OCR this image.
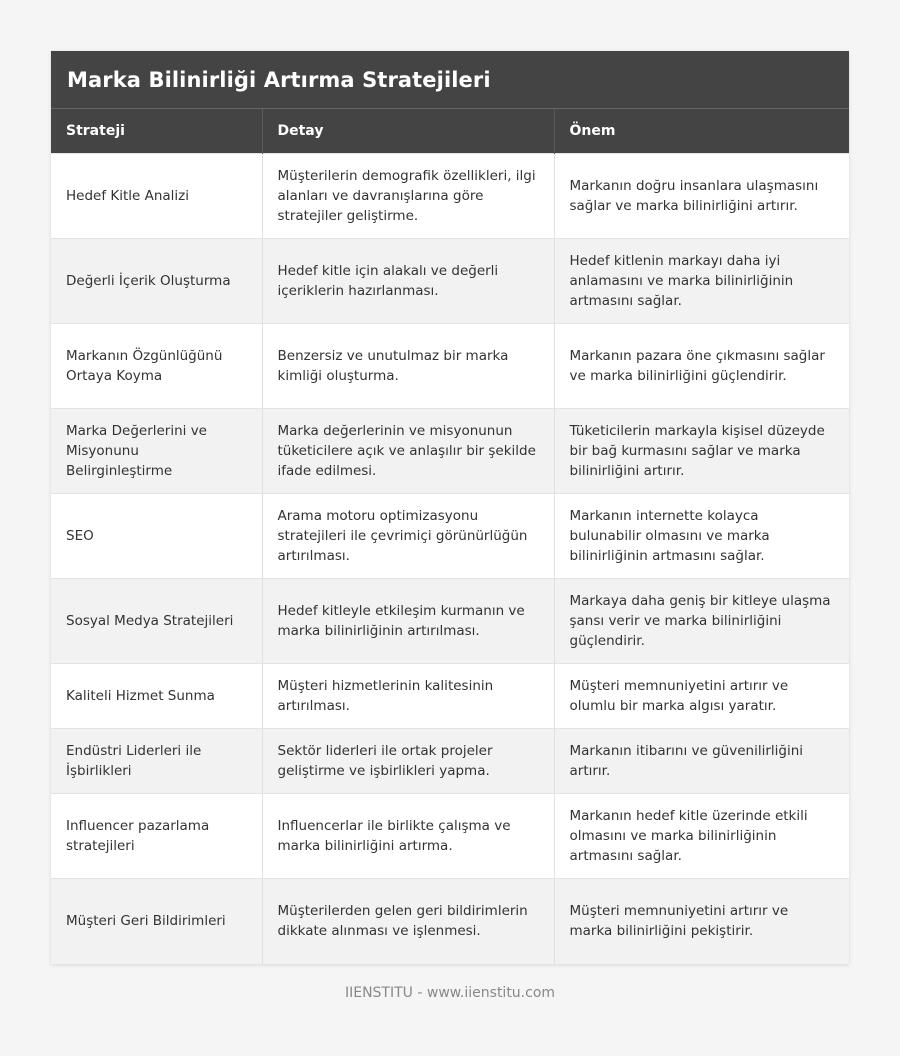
Marka Bilinirliği Artırma Stratejileri
Strateji	Detay	Önem
Hedef Kitle Analizi	Müşterilerin demografik özellikleri, ilgi alanları ve davranışlarına göre stratejiler geliştirme.	Markanın doğru insanlara ulaşmasını sağlar ve marka bilinirliğini artırır.
Değerli İçerik Oluşturma	Hedef kitle için alakalı ve değerli içeriklerin hazırlanması.	Hedef kitlenin markayı daha iyi anlamasını ve marka bilinirliğinin artmasını sağlar.
Markanın Özgünlüğünü Ortaya Koyma	Benzersiz ve unutulmaz bir marka kimliği oluşturma.	Markanın pazara öne çıkmasını sağlar ve marka bilinirliğini güçlendirir.
Marka Değerlerini ve Misyonunu Belirginleştirme	Marka değerlerinin ve misyonunun tüketicilere açık ve anlaşılır bir şekilde ifade edilmesi.	Tüketicilerin markayla kişisel düzeyde bir bağ kurmasını sağlar ve marka bilinirliğini artırır.
SEO	Arama motoru optimizasyonu stratejileri ile çevrimiçi görünürlüğün artırılması.	Markanın internette kolayca bulunabilir olmasını ve marka bilinirliğinin artmasını sağlar.
Sosyal Medya Stratejileri	Hedef kitleyle etkileşim kurmanın ve marka bilinirliğinin artırılması.	Markaya daha geniş bir kitleye ulaşma şansı verir ve marka bilinirliğini güçlendirir.
Kaliteli Hizmet Sunma	Müşteri hizmetlerinin kalitesinin artırılması.	Müşteri memnuniyetini artırır ve olumlu bir marka algısı yaratır.
Endüstri Liderleri ile İşbirlikleri	Sektör liderleri ile ortak projeler geliştirme ve işbirlikleri yapma.	Markanın itibarını ve güvenilirliğini artırır.
Influencer pazarlama stratejileri	Influencerlar ile birlikte çalışma ve marka bilinirliğini artırma.	Markanın hedef kitle üzerinde etkili olmasını ve marka bilinirliğinin artmasını sağlar.
Müşteri Geri Bildirimleri	Müşterilerden gelen geri bildirimlerin dikkate alınması ve işlenmesi.	Müşteri memnuniyetini artırır ve marka bilinirliğini pekiştirir.
IIENSTITU - www.iienstitu.com
